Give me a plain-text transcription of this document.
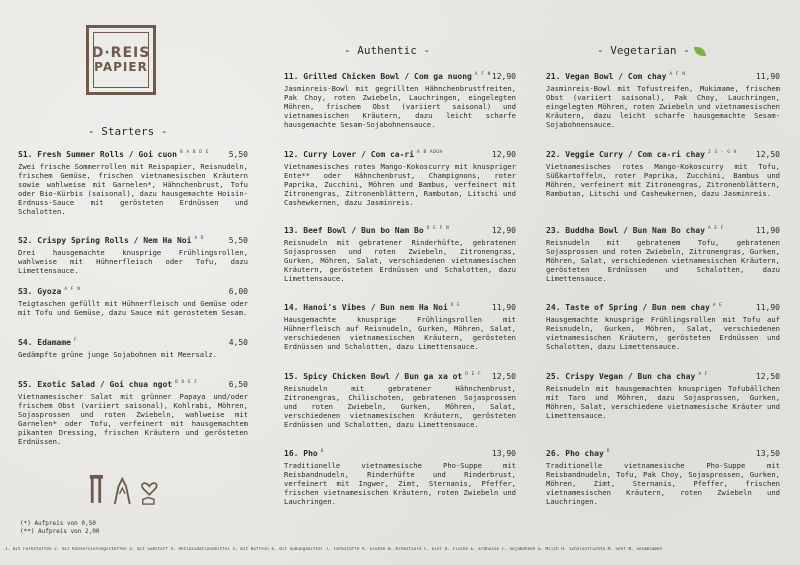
D·REIS
PAPIER
- Starters -
- Authentic -	- Vegetarian -
S1. Fresh Summer Rolls / Goi cuon $^{B A B D E}$ 5,50
Zwei frische Sommerrollen mit Reispapier, Reisnudeln, frischem Gemüse, frischen vietnamesischen Kräutern sowie wahlweise mit Garnelen*, Hähnchenbrust, Tofu oder Bio-Kürbis (saisonal), dazu hausgemachte Hoisin-Erdnuss-Sauce mit gerösteten Erdnüssen und Schalotten.
S2. Crispy Spring Rolls / Nem Ha Noi $^{A D}$	5,50
Drei hausgemachte knusprige Frühlingsrollen, wahlweise mit Hühnerfleisch oder Tofu, dazu Limettensauce.
S3. Gyoza $^{A F N}$	6,00
Teigtaschen gefüllt mit Hühnerfleisch und Gemüse oder mit Tofu und Gemüse, dazu Sauce mit gerostetem Sesam.
S4. Edamame $^F$	4,50
Gedämpfte grüne junge Sojabohnen mit Meersalz.
S5. Exotic Salad / Goi chua ngot $^{B D E F}$	6,50
Vietnamesischer Salat mit grünner Papaya und/oder frischem Obst (variiert saisonal), Kohlrabi, Möhren, Sojasprossen und roten Zwiebeln, wahlweise mit Garnelen* oder Tofu, verfeinert mit hausgemachtem pikanten Dressing, frischen Kräutern und gerösteten Erdnüssen.
11. Grilled Chicken Bowl / Com ga nuong $^{A F N}$ 12,90
Jasminreis-Bowl mit gegrillten Hähnchenbrustfreiten, Pak Choy, roten Zwiebeln, Lauchringen, eingelegten Möhren, frischem Obst (variiert saisonal) und vietnamesischen Kräutern, dazu leicht scharfe hausgemachte Sesam-Sojabohnensauce.
12. Curry Lover / Com ca-ri $^{A B ADGH}$	12,90
Vietnamesisches rotes Mango-Kokoscurry mit knuspriger Ente** oder Hähnchenbrust, Champignons, roter Paprika, Zucchini, Möhren und Bambus, verfeinert mit Zitronengras, Zitronenblättern, Rambutan, Litschi und Cashewkernen, dazu Jasminreis.
13. Beef Bowl / Bun bo Nam Bo $^{D E F N}$	12,90
Reisnudeln mit gebratener Rinderhüfte, gebratenen Sojasprossen und roten Zwiebeln, Zitronengras, Gurken, Möhren, Salat, verschiedenen vietnamesischen Kräutern, gerösteten Erdnüssen und Schalotten, dazu Limettensauce.
14. Hanoi's Vibes / Bun nem Ha Noi $^{D E}$	11,90
Hausgemachte knusprige Frühlingsrollen mit Hühnerfleisch auf Reisnudeln, Gurken, Möhren, Salat, verschiedenen vietnamesischen Kräutern, gerösteten Erdnüssen und Schalotten, dazu Limettensauce.
15. Spicy Chicken Bowl / Bun ga xa ot $^{D E F}$ 12,50
Reisnudeln mit gebratener Hähnchenbrust, Zitronengras, Chilischoten, gebratenen Sojasprossen und roten Zwiebeln, Gurken, Möhren, Salat, verschiedenen vietnamesischen Kräutern, gerösteten Erdnüssen und Schalotten, dazu Limettensauce.
16. Pho $^D$	13,90
Traditionelle vietnamesische Pho-Suppe mit Reisbandnudeln, Rinderhüfte und Rinderbrust, verfeinert mit Ingwer, Zimt, Sternanis, Pfeffer, frischen vietnamesischen Kräutern, roten Zwiebeln und Lauchringen.
21. Vegan Bowl / Com chay $^{A F N}$	11,90
Jasminreis-Bowl mit Tofustreifen, Mukimame, frischem Obst (variiert saisonal), Pak Choy, Lauchringen, eingelegten Möhren, roten Zwiebeln und vietnamesischen Kräutern, dazu leicht scharfe hausgemachte Sesam-Sojabohnensauce.
22. Veggie Curry / Com ca-ri chay $^{2 3 - G H}$ 12,50
Vietnamesisches rotes Mango-Kokoscurry mit Tofu, Süßkartoffeln, roter Paprika, Zucchini, Bambus und Möhren, verfeinert mit Zitronengras, Zitronenblättern, Rambutan, Litschi und Cashewkernen, dazu Jasminreis.
23. Buddha Bowl / Bun Nam Bo chay $^{A E F}$	11,90
Reisnudeln mit gebratenem Tofu, gebratenen Sojasprossen und roten Zwiebeln, Zitronengras, Gurken, Möhren, Salat, verschiedenen vietnamesischen Kräutern, gerösteten Erdnüssen und Schalotten, dazu Limettensauce.
24. Taste of Spring / Bun nem chay $^{A E}$	11,90
Hausgemachte knusprige Frühlingsrollen mit Tofu auf Reisnudeln, Gurken, Möhren, Salat, verschiedenen vietnamesischen Kräutern, gerösteten Erdnüssen und Schalotten, dazu Limettensauce.
25. Crispy Vegan / Bun cha chay $^{A F}$	12,50
Reisnudeln mit hausgemachten knusprigen Tofubällchen mit Taro und Möhren, dazu Sojasprossen, Gurken, Möhren, Salat, verschiedene vietnamesische Kräuter und Limettensauce.
26. Pho chay $^D$	13,50
Traditionelle vietnamesische Pho-Suppe mit Reisbandnudeln, Tofu, Pak Choy, Sojasprossen, Gurken, Möhren, Zimt, Sternanis, Pfeffer, frischen vietnamesischen Kräutern, roten Zwiebeln und Lauchringen.
(*) Aufpreis von 0,50
(**) Aufpreis von 2,00
1. mit Farbstoffen 2. mit Konservierungsstoffen 3. mit Süßstoff 4. Antioxidationsmittel 5. mit Koffein 6. mit Süßungsmittel 7. Farbstoffe A. Gluten B. Krebstiere C. Eier D. Fische E. Erdnüsse F. Sojabohnen G. Milch H. Schalenfrüchte M. Senf N. Sesamsamen
